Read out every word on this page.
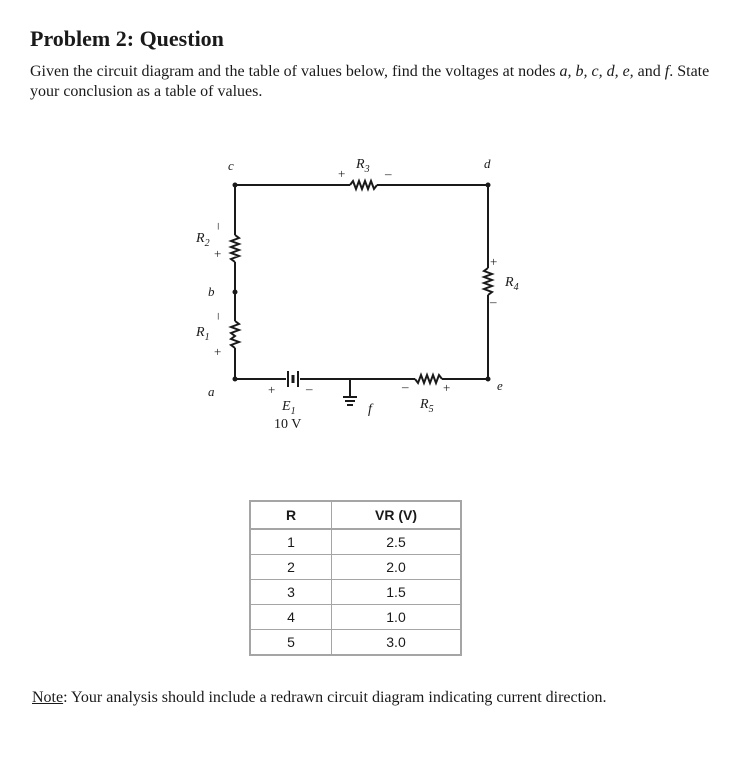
Problem 2: Question

Given the circuit diagram and the table of values below, find the voltages at nodes a, b, c, d, e, and f. State your conclusion as a table of values.

c	d
b
a	e
f
$R_3$
+	–
$R_4$
+
–
$R_5$
+
–
$R_2$
+
–
$R_1$
+
–
+ –
$E_1$
10 V
R	VR (V)
1	2.5
2	2.0
3	1.5
4	1.0
5	3.0

Note: Your analysis should include a redrawn circuit diagram indicating current direction.
